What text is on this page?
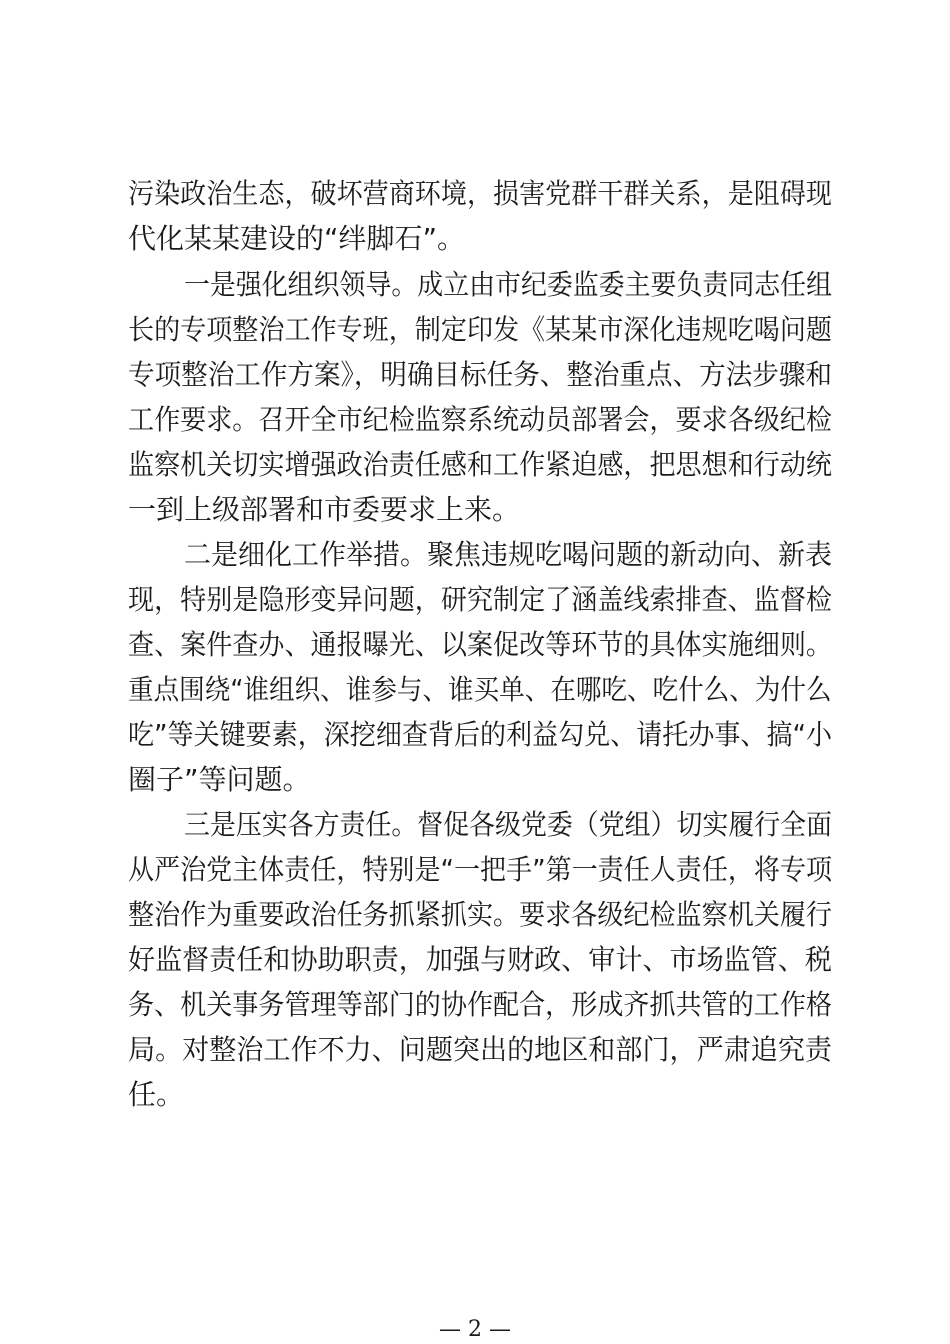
污染政治生态，破坏营商环境，损害党群干群关系，是阻碍现
代化某某建设的“绊脚石”。
一是强化组织领导。成立由市纪委监委主要负责同志任组
长的专项整治工作专班，制定印发《某某市深化违规吃喝问题
专项整治工作方案》，明确目标任务、整治重点、方法步骤和
工作要求。召开全市纪检监察系统动员部署会，要求各级纪检
监察机关切实增强政治责任感和工作紧迫感，把思想和行动统
一到上级部署和市委要求上来。
二是细化工作举措。聚焦违规吃喝问题的新动向、新表
现，特别是隐形变异问题，研究制定了涵盖线索排查、监督检
查、案件查办、通报曝光、以案促改等环节的具体实施细则。
重点围绕“谁组织、谁参与、谁买单、在哪吃、吃什么、为什么
吃”等关键要素，深挖细查背后的利益勾兑、请托办事、搞“小
圈子”等问题。
三是压实各方责任。督促各级党委（党组）切实履行全面
从严治党主体责任，特别是“一把手”第一责任人责任，将专项
整治作为重要政治任务抓紧抓实。要求各级纪检监察机关履行
好监督责任和协助职责，加强与财政、审计、市场监管、税
务、机关事务管理等部门的协作配合，形成齐抓共管的工作格
局。对整治工作不力、问题突出的地区和部门，严肃追究责
任。
— 2 —
